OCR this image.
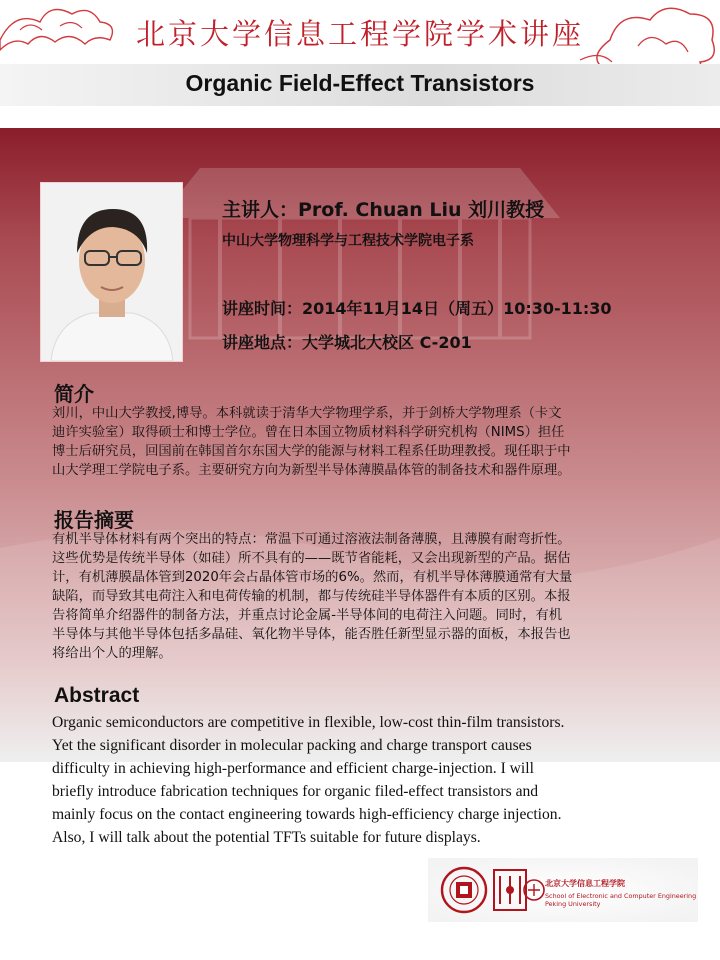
北京大学信息工程学院学术讲座
Organic Field-Effect Transistors
主讲人：Prof. Chuan Liu 刘川教授
中山大学物理科学与工程技术学院电子系
讲座时间：2014年11月14日（周五）10:30-11:30
讲座地点：大学城北大校区 C-201
简介
刘川，中山大学教授,博导。本科就读于清华大学物理学系，并于剑桥大学物理系（卡文
迪许实验室）取得硕士和博士学位。曾在日本国立物质材料科学研究机构（NIMS）担任
博士后研究员，回国前在韩国首尔东国大学的能源与材料工程系任助理教授。现任职于中
山大学理工学院电子系。主要研究方向为新型半导体薄膜晶体管的制备技术和器件原理。
报告摘要
有机半导体材料有两个突出的特点：常温下可通过溶液法制备薄膜，且薄膜有耐弯折性。
这些优势是传统半导体（如硅）所不具有的——既节省能耗，又会出现新型的产品。据估
计，有机薄膜晶体管到2020年会占晶体管市场的6%。然而，有机半导体薄膜通常有大量
缺陷，而导致其电荷注入和电荷传输的机制，都与传统硅半导体器件有本质的区别。本报
告将简单介绍器件的制备方法，并重点讨论金属-半导体间的电荷注入问题。同时，有机
半导体与其他半导体包括多晶硅、氧化物半导体，能否胜任新型显示器的面板，本报告也
将给出个人的理解。
Abstract
Organic semiconductors are competitive in flexible, low-cost thin-film transistors.
Yet the significant disorder in molecular packing and charge transport causes
difficulty in achieving high-performance and efficient charge-injection. I will
briefly introduce fabrication techniques for organic filed-effect transistors and
mainly focus on the contact engineering towards high-efficiency charge injection.
Also, I will talk about the potential TFTs suitable for future displays.
北京大学信息工程学院
School of Electronic and Computer Engineering
Peking University
